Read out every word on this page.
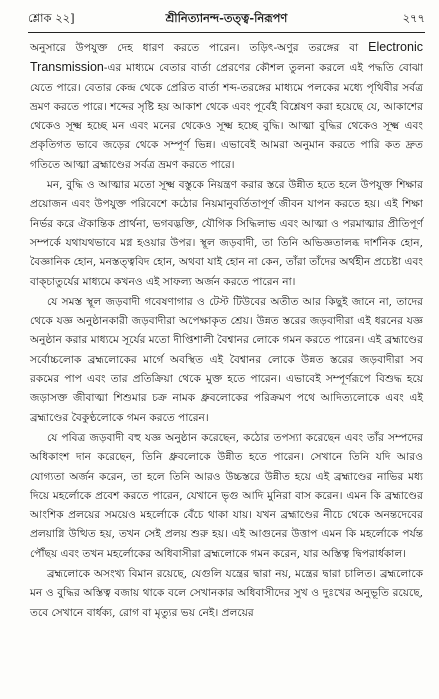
শ্লোক ২২]	শ্রীনিত্যানন্দ-তত্ত্ব-নিরূপণ	২৭৭

অনুসারে উপযুক্ত দেহ ধারণ করতে পারেন। তড়িৎ-অণুর তরঙ্গের বা Electronic Transmission-এর মাধ্যমে বেতার বার্তা প্রেরণের কৌশল তুলনা করলে এই পদ্ধতি বোঝা যেতে পারে। বেতার কেন্দ্র থেকে প্রেরিত বার্তা শব্দ-তরঙ্গের মাধ্যমে পলকের মধ্যে পৃথিবীর সর্বত্র ভ্রমণ করতে পারে। শব্দের সৃষ্টি হয় আকাশ থেকে এবং পূর্বেই বিশ্লেষণ করা হয়েছে যে, আকাশের থেকেও সূক্ষ্ম হচ্ছে মন এবং মনের থেকেও সূক্ষ্ম হচ্ছে বুদ্ধি। আত্মা বুদ্ধির থেকেও সূক্ষ্ম এবং প্রকৃতিগত ভাবে জড়ের থেকে সম্পূর্ণ ভিন্ন। এভাবেই আমরা অনুমান করতে পারি কত দ্রুত গতিতে আত্মা ব্রহ্মাণ্ডের সর্বত্র ভ্রমণ করতে পারে।

মন, বুদ্ধি ও আত্মার মতো সূক্ষ্ম বস্তুকে নিয়ন্ত্রণ করার স্তরে উন্নীত হতে হলে উপযুক্ত শিক্ষার প্রয়োজন এবং উপযুক্ত পরিবেশে কঠোর নিয়মানুবর্তিতাপূর্ণ জীবন যাপন করতে হয়। এই শিক্ষা নির্ভর করে ঐকান্তিক প্রার্থনা, ভগবদ্ভক্তি, যৌগিক সিদ্ধিলাভ এবং আত্মা ও পরমাত্মার প্রীতিপূর্ণ সম্পর্কে যথাযথভাবে মগ্ন হওয়ার উপর। স্থূল জড়বাদী, তা তিনি অভিজ্ঞতালব্ধ দার্শনিক হোন, বৈজ্ঞানিক হোন, মনস্তত্ত্ববিদ হোন, অথবা যাই হোন না কেন, তাঁরা তাঁদের অর্থহীন প্রচেষ্টা এবং বাক্চাতুর্যের মাধ্যমে কখনও এই সাফল্য অর্জন করতে পারেন না।

যে সমস্ত স্থূল জড়বাদী গবেষণাগার ও টেস্ট টিউবের অতীত আর কিছুই জানে না, তাদের থেকে যজ্ঞ অনুষ্ঠানকারী জড়বাদীরা অপেক্ষাকৃত শ্রেয়। উন্নত স্তরের জড়বাদীরা এই ধরনের যজ্ঞ অনুষ্ঠান করার মাধ্যমে সূর্যের মতো দীপ্তিশালী বৈশ্বানর লোকে গমন করতে পারেন। এই ব্রহ্মাণ্ডের সর্বোচ্চলোক ব্রহ্মলোকের মার্গে অবস্থিত এই বৈশ্বানর লোকে উন্নত স্তরের জড়বাদীরা সব রকমের পাপ এবং তার প্রতিক্রিয়া থেকে মুক্ত হতে পারেন। এভাবেই সম্পূর্ণরূপে বিশুদ্ধ হয়ে জড়াসক্ত জীবাত্মা শিশুমার চক্র নামক ধ্রুবলোকের পরিক্রমণ পথে আদিত্যলোকে এবং এই ব্রহ্মাণ্ডের বৈকুণ্ঠলোকে গমন করতে পারেন।

যে পবিত্র জড়বাদী বহু যজ্ঞ অনুষ্ঠান করেছেন, কঠোর তপস্যা করেছেন এবং তাঁর সম্পদের অধিকাংশ দান করেছেন, তিনি ধ্রুবলোকে উন্নীত হতে পারেন। সেখানে তিনি যদি আরও যোগ্যতা অর্জন করেন, তা হলে তিনি আরও উচ্চস্তরে উন্নীত হয়ে এই ব্রহ্মাণ্ডের নাভির মধ্য দিয়ে মহর্লোকে প্রবেশ করতে পারেন, যেখানে ভৃগু আদি মুনিরা বাস করেন। এমন কি ব্রহ্মাণ্ডের আংশিক প্রলয়ের সময়েও মহর্লোকে বেঁচে থাকা যায়। যখন ব্রহ্মাণ্ডের নীচে থেকে অনন্তদেবের প্রলয়াগ্নি উত্থিত হয়, তখন সেই প্রলয় শুরু হয়। এই আগুনের উত্তাপ এমন কি মহর্লোকে পর্যন্ত পৌঁছয় এবং তখন মহর্লোকের অধিবাসীরা ব্রহ্মলোকে গমন করেন, যার অস্তিত্ব দ্বিপরার্ধকাল।

ব্রহ্মলোকে অসংখ্য বিমান রয়েছে, যেগুলি যন্ত্রের দ্বারা নয়, মন্ত্রের দ্বারা চালিত। ব্রহ্মলোকে মন ও বুদ্ধির অস্তিত্ব বজায় থাকে বলে সেখানকার অধিবাসীদের সুখ ও দুঃখের অনুভূতি রয়েছে, তবে সেখানে বার্ধক্য, রোগ বা মৃত্যুর ভয় নেই। প্রলয়ের
